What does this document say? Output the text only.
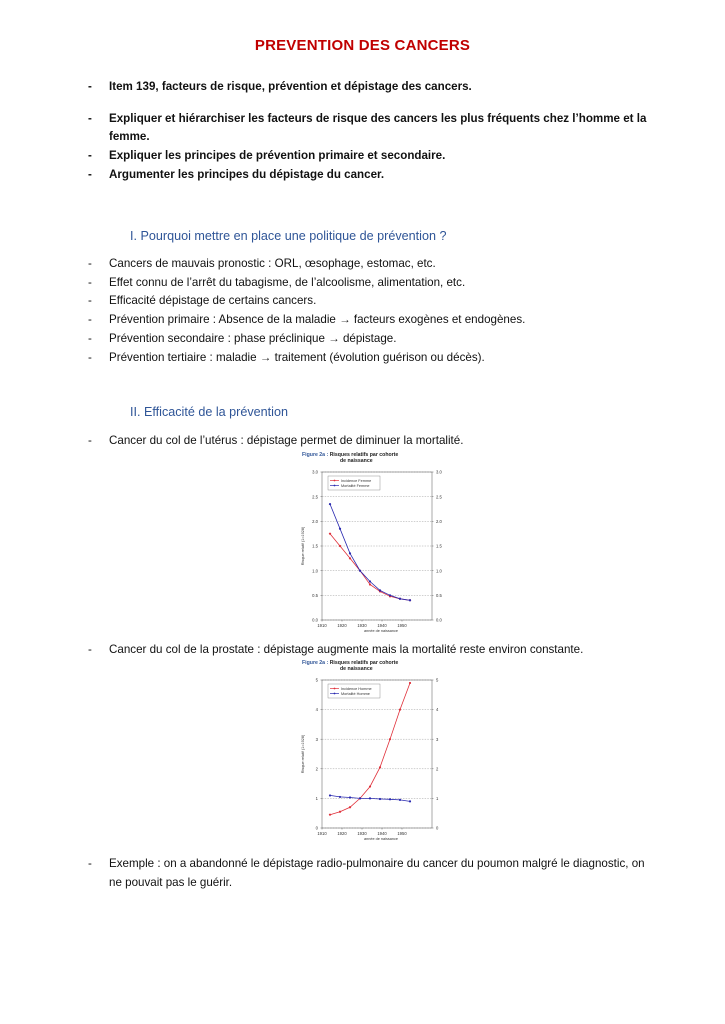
PREVENTION DES CANCERS
- Item 139, facteurs de risque, prévention et dépistage des cancers.
- Expliquer et hiérarchiser les facteurs de risque des cancers les plus fréquents chez l’homme et la femme.
- Expliquer les principes de prévention primaire et secondaire.
- Argumenter les principes du dépistage du cancer.
I. Pourquoi mettre en place une politique de prévention ?
- Cancers de mauvais pronostic : ORL, œsophage, estomac, etc.
- Effet connu de l’arrêt du tabagisme, de l’alcoolisme, alimentation, etc.
- Efficacité dépistage de certains cancers.
- Prévention primaire : Absence de la maladie → facteurs exogènes et endogènes.
- Prévention secondaire : phase préclinique → dépistage.
- Prévention tertiaire : maladie → traitement (évolution guérison ou décès).
II. Efficacité de la prévention
- Cancer du col de l’utérus : dépistage permet de diminuer la mortalité.
Figure 2a : Risques relatifs par cohorte
de naissance
0.0	0.0
0.5	0.5
1.0	1.0
1.5	1.5
2.0	2.0
2.5	2.5
3.0	3.0
1910	1920	1930	1940	1950
année de naissance
Risque relatif (1=1928)
Incidence Femme
Mortalité Femme
- Cancer du col de la prostate : dépistage augmente mais la mortalité reste environ constante.
Figure 2a : Risques relatifs par cohorte
de naissance
0	0
1	1
2	2
3	3
4	4
5	5
1910	1920	1930	1940	1950
année de naissance
Risque relatif (1=1928)
Incidence Homme
Mortalité Homme
- Exemple : on a abandonné le dépistage radio-pulmonaire du cancer du poumon malgré le diagnostic, on ne pouvait pas le guérir.
